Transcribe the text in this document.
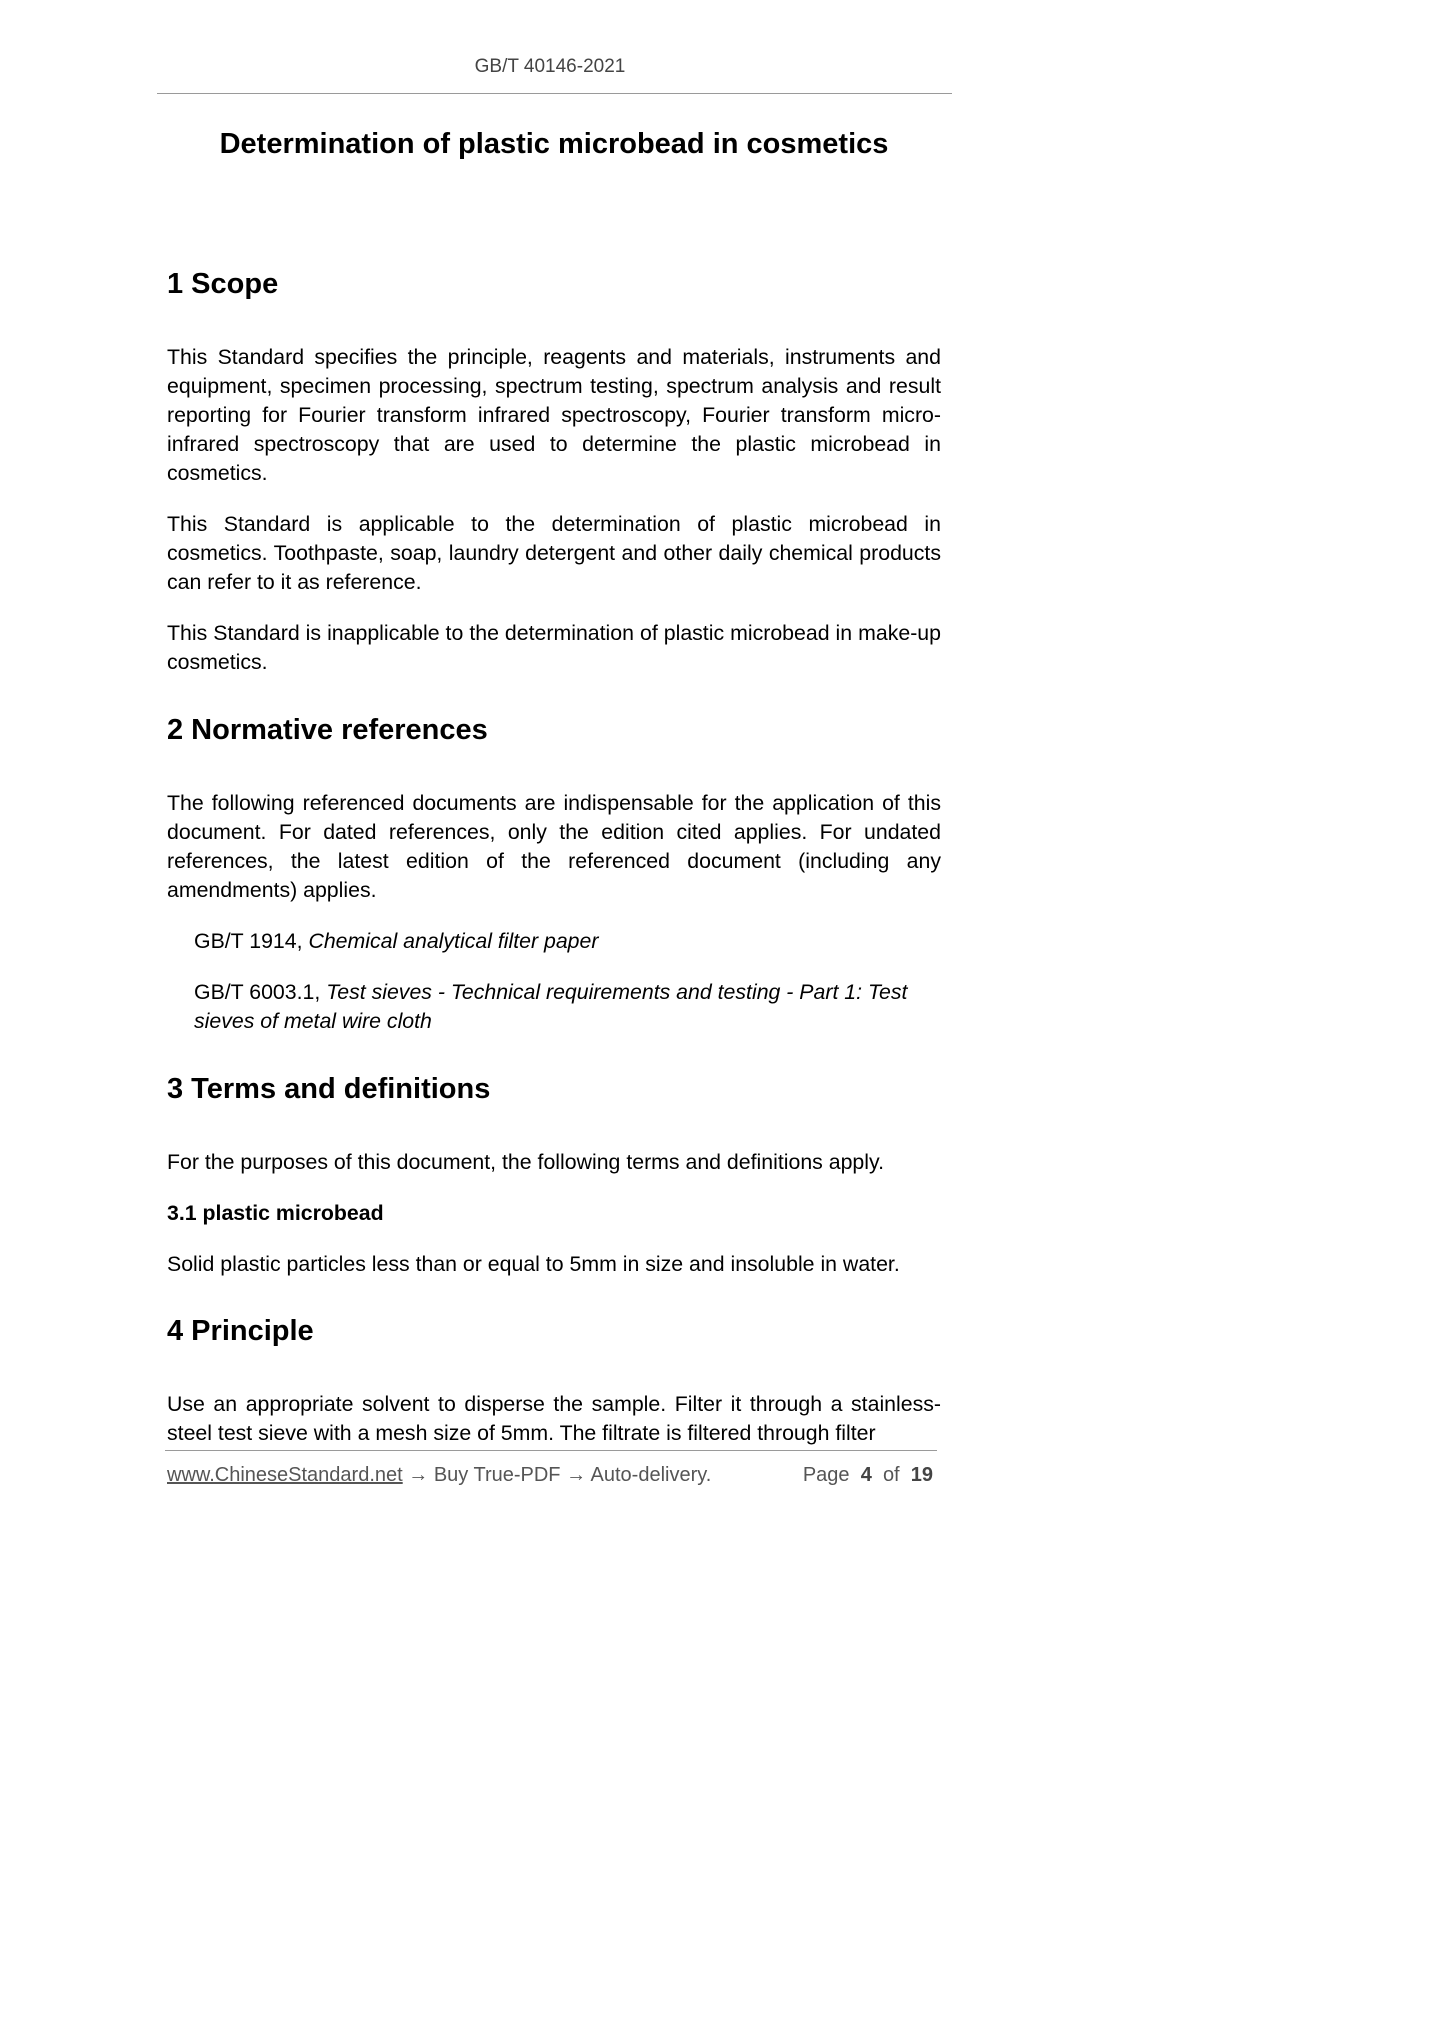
GB/T 40146-2021
Determination of plastic microbead in cosmetics
1 Scope

This Standard specifies the principle, reagents and materials, instruments and equipment, specimen processing, spectrum testing, spectrum analysis and result reporting for Fourier transform infrared spectroscopy, Fourier transform micro-infrared spectroscopy that are used to determine the plastic microbead in cosmetics.

This Standard is applicable to the determination of plastic microbead in cosmetics. Toothpaste, soap, laundry detergent and other daily chemical products can refer to it as reference.

This Standard is inapplicable to the determination of plastic microbead in make-up cosmetics.

2 Normative references

The following referenced documents are indispensable for the application of this document. For dated references, only the edition cited applies. For undated references, the latest edition of the referenced document (including any amendments) applies.

GB/T 1914, Chemical analytical filter paper

GB/T 6003.1, Test sieves - Technical requirements and testing - Part 1: Test sieves of metal wire cloth

3 Terms and definitions

For the purposes of this document, the following terms and definitions apply.

3.1 plastic microbead

Solid plastic particles less than or equal to 5mm in size and insoluble in water.

4 Principle

Use an appropriate solvent to disperse the sample. Filter it through a stainless-steel test sieve with a mesh size of 5mm. The filtrate is filtered through filter

www.ChineseStandard.net → Buy True-PDF → Auto-delivery.	Page 4 of 19
